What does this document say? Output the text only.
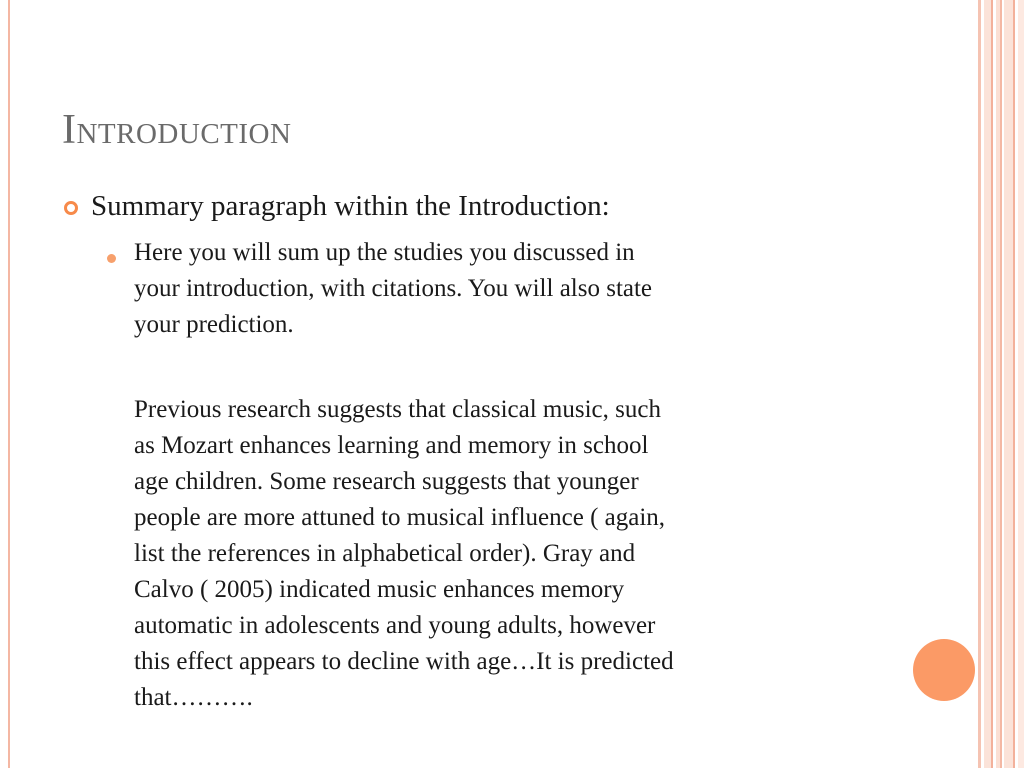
Introduction
Summary paragraph within the Introduction:

Here you will sum up the studies you discussed in
your introduction, with citations. You will also state
your prediction.

Previous research suggests that classical music, such
as Mozart enhances learning and memory in school
age children. Some research suggests that younger
people are more attuned to musical influence ( again,
list the references in alphabetical order). Gray and
Calvo ( 2005) indicated music enhances memory
automatic in adolescents and young adults, however
this effect appears to decline with age…It is predicted
that……….
